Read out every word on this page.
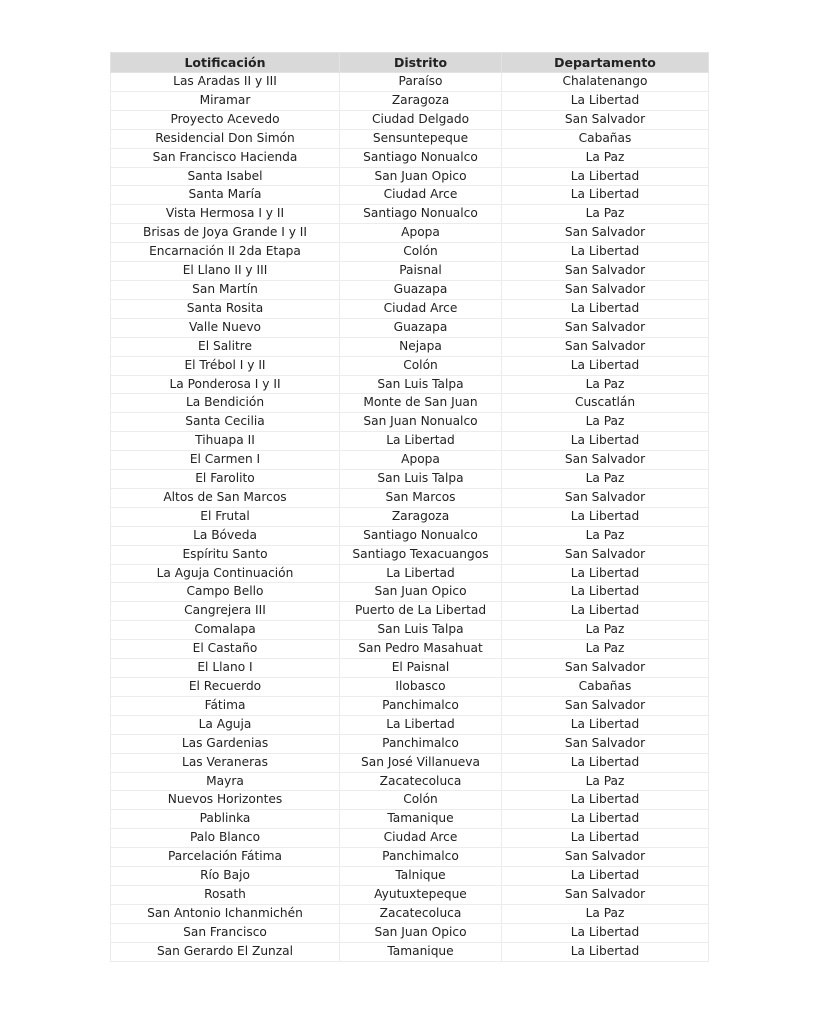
Lotificación	Distrito	Departamento
Las Aradas II y III	Paraíso	Chalatenango
Miramar	Zaragoza	La Libertad
Proyecto Acevedo	Ciudad Delgado	San Salvador
Residencial Don Simón	Sensuntepeque	Cabañas
San Francisco Hacienda	Santiago Nonualco	La Paz
Santa Isabel	San Juan Opico	La Libertad
Santa María	Ciudad Arce	La Libertad
Vista Hermosa I y II	Santiago Nonualco	La Paz
Brisas de Joya Grande I y II	Apopa	San Salvador
Encarnación II 2da Etapa	Colón	La Libertad
El Llano II y III	Paisnal	San Salvador
San Martín	Guazapa	San Salvador
Santa Rosita	Ciudad Arce	La Libertad
Valle Nuevo	Guazapa	San Salvador
El Salitre	Nejapa	San Salvador
El Trébol I y II	Colón	La Libertad
La Ponderosa I y II	San Luis Talpa	La Paz
La Bendición	Monte de San Juan	Cuscatlán
Santa Cecilia	San Juan Nonualco	La Paz
Tihuapa II	La Libertad	La Libertad
El Carmen I	Apopa	San Salvador
El Farolito	San Luis Talpa	La Paz
Altos de San Marcos	San Marcos	San Salvador
El Frutal	Zaragoza	La Libertad
La Bóveda	Santiago Nonualco	La Paz
Espíritu Santo	Santiago Texacuangos	San Salvador
La Aguja Continuación	La Libertad	La Libertad
Campo Bello	San Juan Opico	La Libertad
Cangrejera III	Puerto de La Libertad	La Libertad
Comalapa	San Luis Talpa	La Paz
El Castaño	San Pedro Masahuat	La Paz
El Llano I	El Paisnal	San Salvador
El Recuerdo	Ilobasco	Cabañas
Fátima	Panchimalco	San Salvador
La Aguja	La Libertad	La Libertad
Las Gardenias	Panchimalco	San Salvador
Las Veraneras	San José Villanueva	La Libertad
Mayra	Zacatecoluca	La Paz
Nuevos Horizontes	Colón	La Libertad
Pablinka	Tamanique	La Libertad
Palo Blanco	Ciudad Arce	La Libertad
Parcelación Fátima	Panchimalco	San Salvador
Río Bajo	Talnique	La Libertad
Rosath	Ayutuxtepeque	San Salvador
San Antonio Ichanmichén	Zacatecoluca	La Paz
San Francisco	San Juan Opico	La Libertad
San Gerardo El Zunzal	Tamanique	La Libertad
